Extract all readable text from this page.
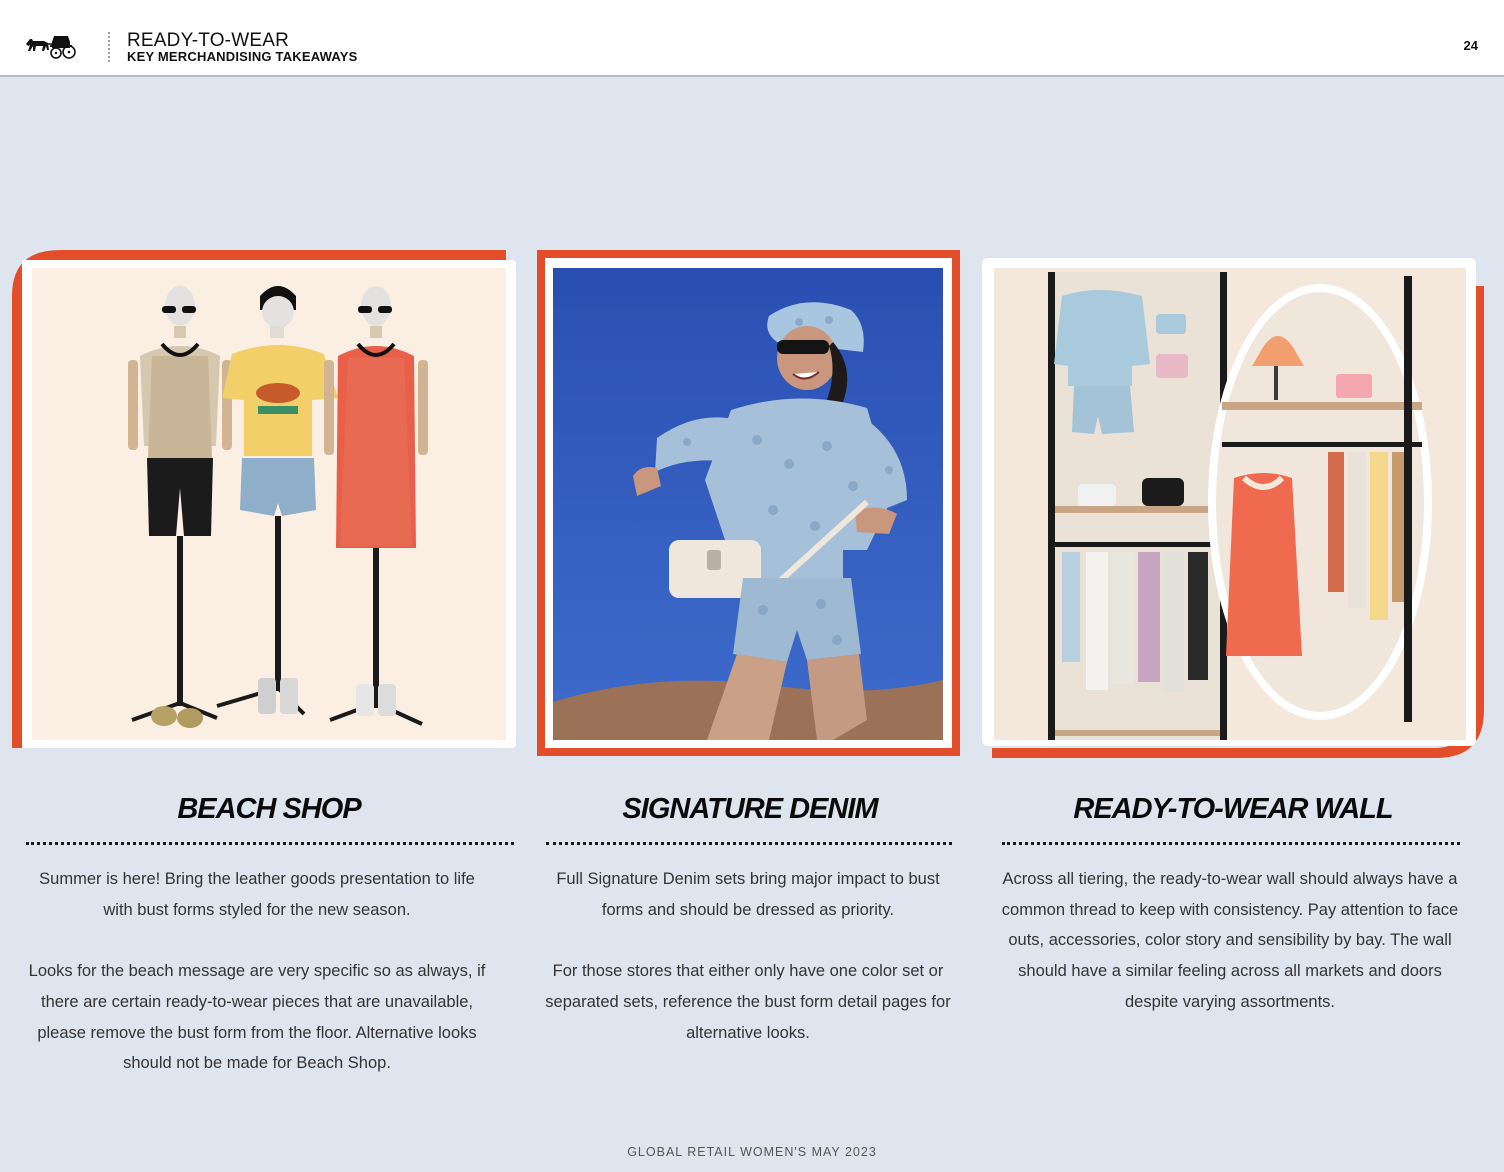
READY-TO-WEAR
KEY MERCHANDISING TAKEAWAYS
24
BEACH SHOP

Summer is here! Bring the leather goods presentation to life with bust forms styled for the new season.

Looks for the beach message are very specific so as always, if there are certain ready-to-wear pieces that are unavailable, please remove the bust form from the floor. Alternative looks should not be made for Beach Shop.

SIGNATURE DENIM

Full Signature Denim sets bring major impact to bust forms and should be dressed as priority.

For those stores that either only have one color set or separated sets, reference the bust form detail pages for alternative looks.

READY-TO-WEAR WALL

Across all tiering, the ready-to-wear wall should always have a common thread to keep with consistency. Pay attention to face outs, accessories, color story and sensibility by bay. The wall should have a similar feeling across all markets and doors despite varying assortments.

GLOBAL RETAIL WOMEN'S MAY 2023
